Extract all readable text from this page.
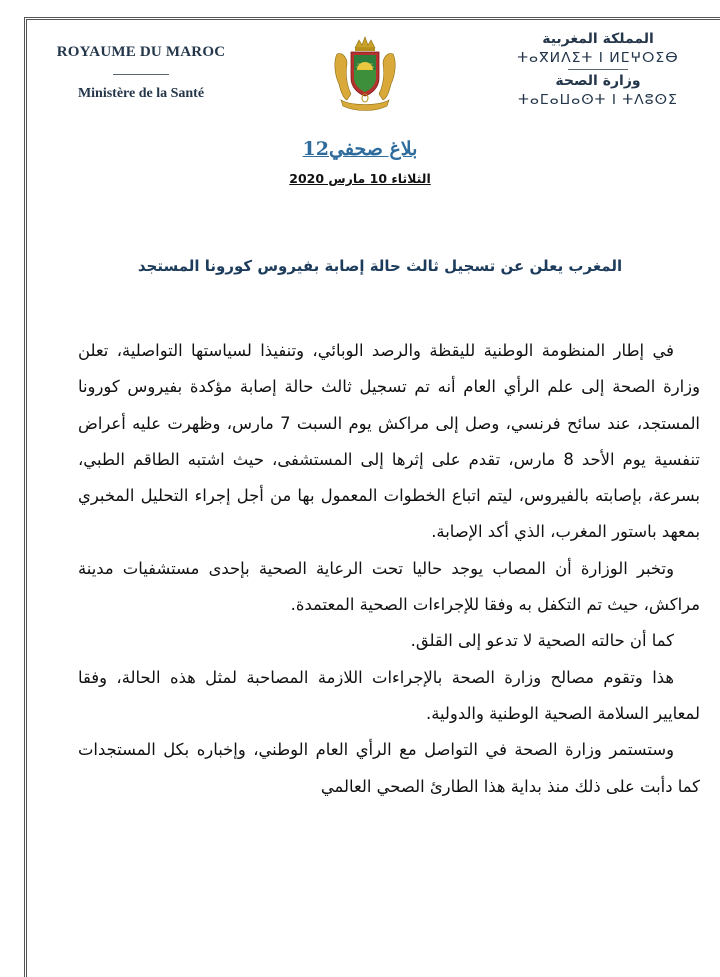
ROYAUME DU MAROC
Ministère de la Santé
المملكة المغربية
ⵜⴰⴳⵍⴷⵉⵜ ⵏ ⵍⵎⵖⵔⵉⴱ
وزارة الصحة
ⵜⴰⵎⴰⵡⴰⵙⵜ ⵏ ⵜⴷⵓⵙⵉ
بلاغ صحفي12
الثلاثاء 10 مارس 2020
المغرب يعلن عن تسجيل ثالث حالة إصابة بفيروس كورونا المستجد

في إطار المنظومة الوطنية لليقظة والرصد الوبائي، وتنفيذا لسياستها التواصلية، تعلن وزارة الصحة إلى علم الرأي العام أنه تم تسجيل ثالث حالة إصابة مؤكدة بفيروس كورونا المستجد، عند سائح فرنسي، وصل إلى مراكش يوم السبت 7 مارس، وظهرت عليه أعراض تنفسية يوم الأحد 8 مارس، تقدم على إثرها إلى المستشفى، حيث اشتبه الطاقم الطبي، بسرعة، بإصابته بالفيروس، ليتم اتباع الخطوات المعمول بها من أجل إجراء التحليل المخبري بمعهد باستور المغرب، الذي أكد الإصابة.

وتخبر الوزارة أن المصاب يوجد حاليا تحت الرعاية الصحية بإحدى مستشفيات مدينة مراكش، حيث تم التكفل به وفقا للإجراءات الصحية المعتمدة.

كما أن حالته الصحية لا تدعو إلى القلق.

هذا وتقوم مصالح وزارة الصحة بالإجراءات اللازمة المصاحبة لمثل هذه الحالة، وفقا لمعايير السلامة الصحية الوطنية والدولية.

وستستمر وزارة الصحة في التواصل مع الرأي العام الوطني، وإخباره بكل المستجدات كما دأبت على ذلك منذ بداية هذا الطارئ الصحي العالمي
